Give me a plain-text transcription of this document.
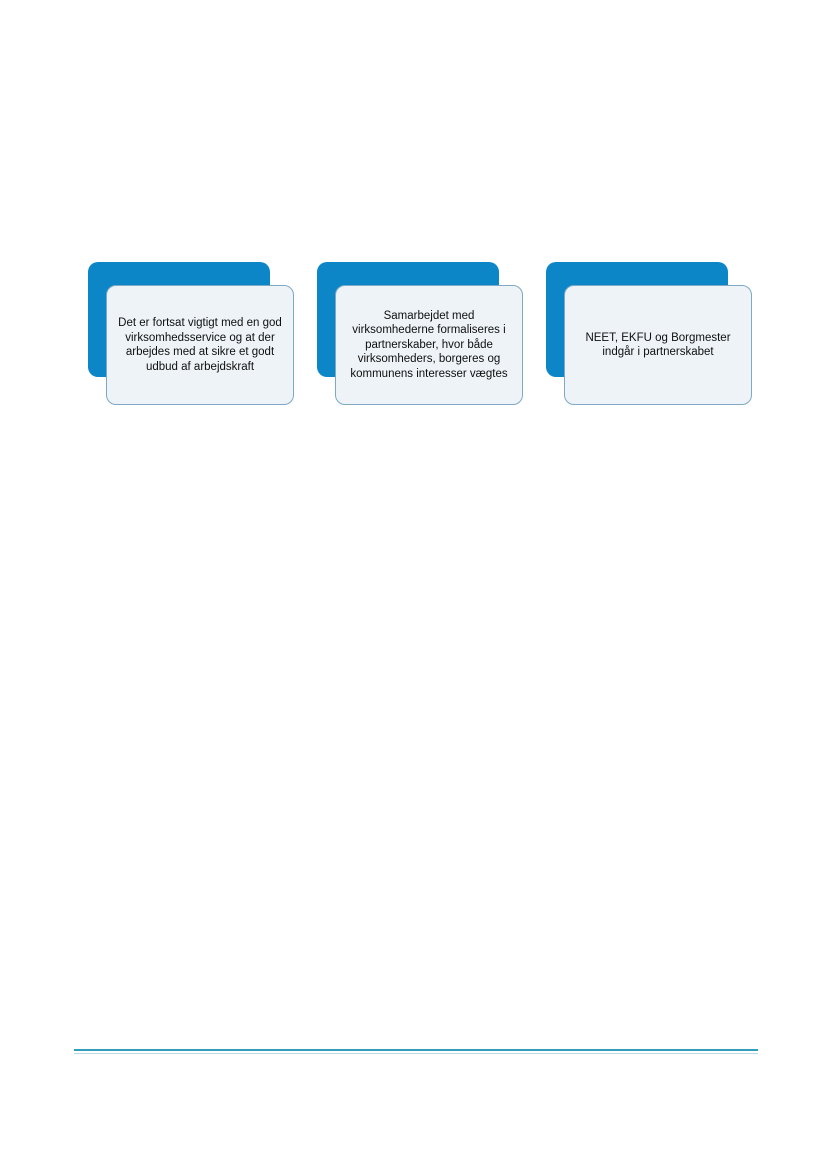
Det er fortsat vigtigt med en god virksomhedsservice og at der arbejdes med at sikre et godt udbud af arbejdskraft
Samarbejdet med virksomhederne formaliseres i partnerskaber, hvor både virksomheders, borgeres og kommunens interesser vægtes
NEET, EKFU og Borgmester indgår i partnerskabet
